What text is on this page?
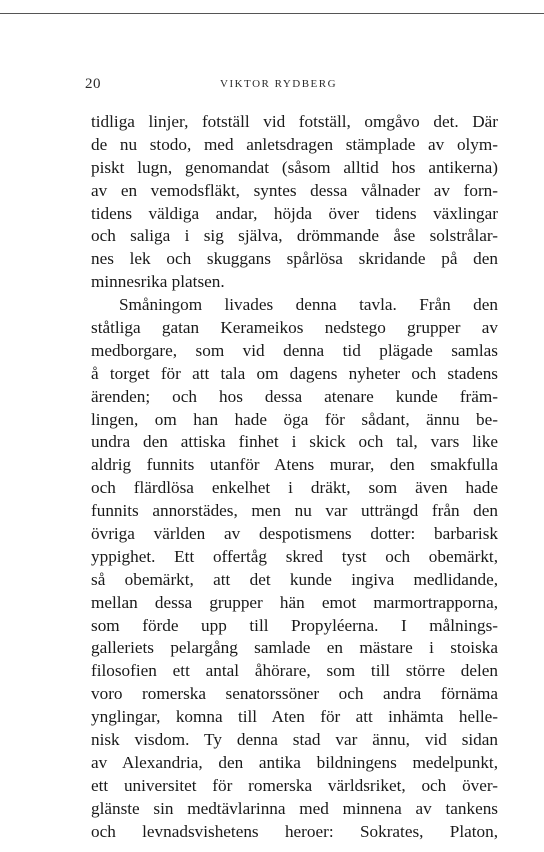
20	VIKTOR RYDBERG
tidliga linjer, fotställ vid fotställ, omgåvo det. Där
de nu stodo, med anletsdragen stämplade av olym-
piskt lugn, genomandat (såsom alltid hos antikerna)
av en vemodsfläkt, syntes dessa vålnader av forn-
tidens väldiga andar, höjda över tidens växlingar
och saliga i sig själva, drömmande åse solstrålar-
nes lek och skuggans spårlösa skridande på den
minnesrika platsen.
Småningom livades denna tavla. Från den
ståtliga gatan Kerameikos nedstego grupper av
medborgare, som vid denna tid plägade samlas
å torget för att tala om dagens nyheter och stadens
ärenden; och hos dessa atenare kunde främ-
lingen, om han hade öga för sådant, ännu be-
undra den attiska finhet i skick och tal, vars like
aldrig funnits utanför Atens murar, den smakfulla
och flärdlösa enkelhet i dräkt, som även hade
funnits annorstädes, men nu var utträngd från den
övriga världen av despotismens dotter: barbarisk
yppighet. Ett offertåg skred tyst och obemärkt,
så obemärkt, att det kunde ingiva medlidande,
mellan dessa grupper hän emot marmortrapporna,
som förde upp till Propyléerna. I målnings-
galleriets pelargång samlade en mästare i stoiska
filosofien ett antal åhörare, som till större delen
voro romerska senatorssöner och andra förnäma
ynglingar, komna till Aten för att inhämta helle-
nisk visdom. Ty denna stad var ännu, vid sidan
av Alexandria, den antika bildningens medelpunkt,
ett universitet för romerska världsriket, och över-
glänste sin medtävlarinna med minnena av tankens
och levnadsvishetens heroer: Sokrates, Platon,
